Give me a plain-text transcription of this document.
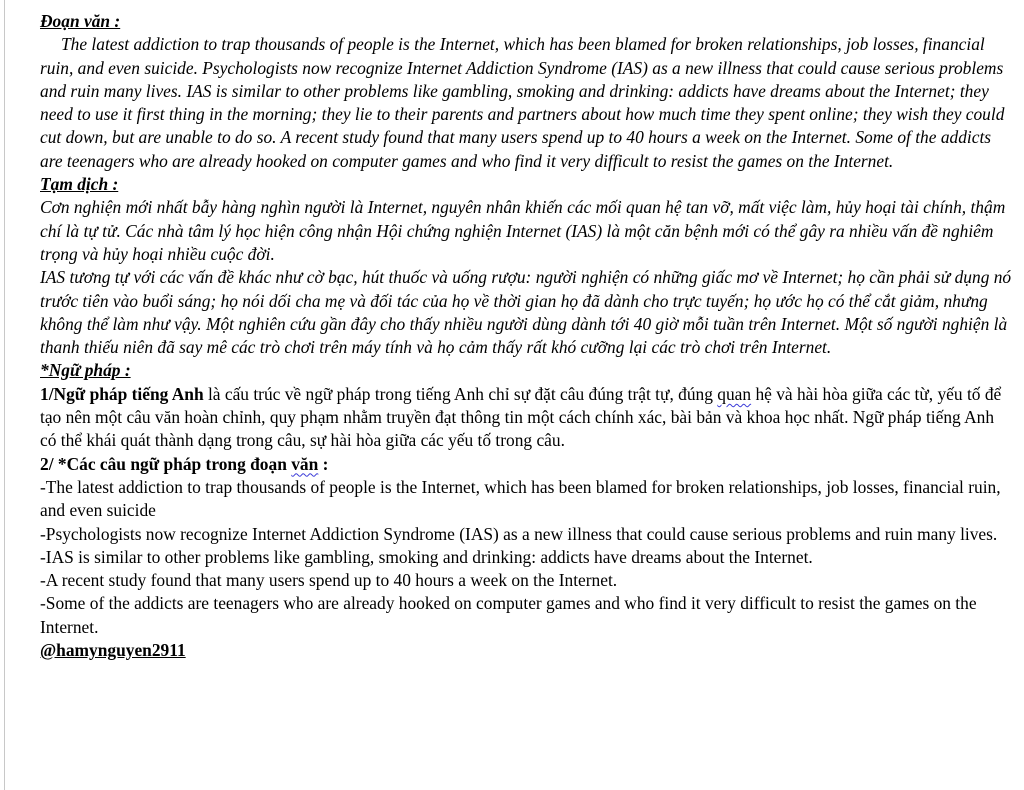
Đoạn văn :

The latest addiction to trap thousands of people is the Internet, which has been blamed for broken relationships, job losses, financial ruin, and even suicide. Psychologists now recognize Internet Addiction Syndrome (IAS) as a new illness that could cause serious problems and ruin many lives. IAS is similar to other problems like gambling, smoking and drinking: addicts have dreams about the Internet; they need to use it first thing in the morning; they lie to their parents and partners about how much time they spent online; they wish they could cut down, but are unable to do so. A recent study found that many users spend up to 40 hours a week on the Internet. Some of the addicts are teenagers who are already hooked on computer games and who find it very difficult to resist the games on the Internet.

Tạm dịch :

Cơn nghiện mới nhất bẫy hàng nghìn người là Internet, nguyên nhân khiến các mối quan hệ tan vỡ, mất việc làm, hủy hoại tài chính, thậm chí là tự tử. Các nhà tâm lý học hiện công nhận Hội chứng nghiện Internet (IAS) là một căn bệnh mới có thể gây ra nhiều vấn đề nghiêm trọng và hủy hoại nhiều cuộc đời.

IAS tương tự với các vấn đề khác như cờ bạc, hút thuốc và uống rượu: người nghiện có những giấc mơ về Internet; họ cần phải sử dụng nó trước tiên vào buổi sáng; họ nói dối cha mẹ và đối tác của họ về thời gian họ đã dành cho trực tuyến; họ ước họ có thể cắt giảm, nhưng không thể làm như vậy. Một nghiên cứu gần đây cho thấy nhiều người dùng dành tới 40 giờ mỗi tuần trên Internet. Một số người nghiện là thanh thiếu niên đã say mê các trò chơi trên máy tính và họ cảm thấy rất khó cưỡng lại các trò chơi trên Internet.

*Ngữ pháp :

1/Ngữ pháp tiếng Anh là cấu trúc về ngữ pháp trong tiếng Anh chỉ sự đặt câu đúng trật tự, đúng quan hệ và hài hòa giữa các từ, yếu tố để tạo nên một câu văn hoàn chỉnh, quy phạm nhằm truyền đạt thông tin một cách chính xác, bài bản và khoa học nhất. Ngữ pháp tiếng Anh có thể khái quát thành dạng trong câu, sự hài hòa giữa các yếu tố trong câu.

2/ *Các câu ngữ pháp trong đoạn văn :

-The latest addiction to trap thousands of people is the Internet, which has been blamed for broken relationships, job losses, financial ruin, and even suicide

-Psychologists now recognize Internet Addiction Syndrome (IAS) as a new illness that could cause serious problems and ruin many lives.

-IAS is similar to other problems like gambling, smoking and drinking: addicts have dreams about the Internet.

-A recent study found that many users spend up to 40 hours a week on the Internet.

-Some of the addicts are teenagers who are already hooked on computer games and who find it very difficult to resist the games on the Internet.

@hamynguyen2911
